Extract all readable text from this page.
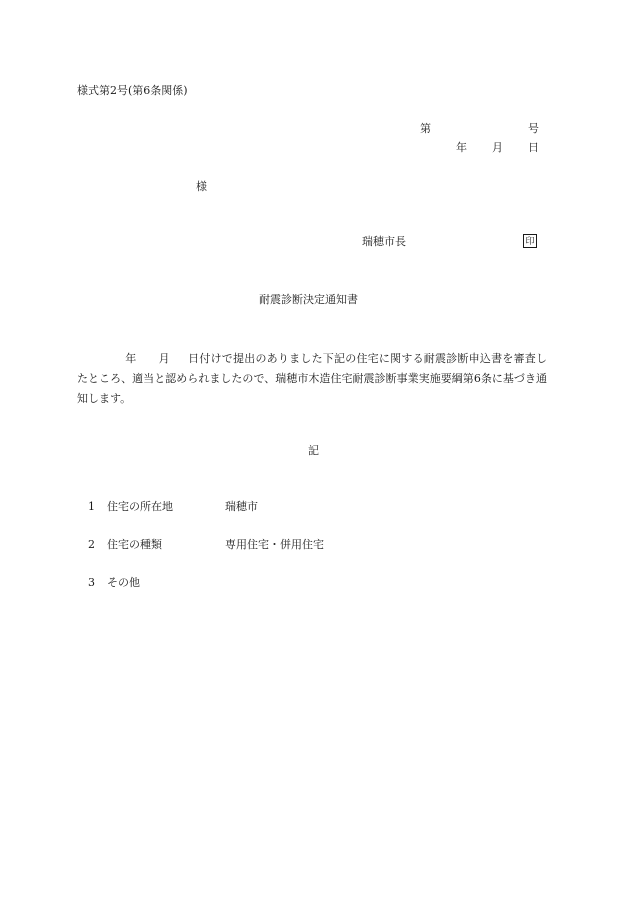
様式第2号(第6条関係)
第	号
年 月 日
様
瑞穂市長	印
耐震診断決定通知書
年 月 日付けで提出のありました下記の住宅に関する耐震診断申込書を審査したところ、適当と認められましたので、瑞穂市木造住宅耐震診断事業実施要綱第6条に基づき通知します。
記
1 住宅の所在地	瑞穂市
2 住宅の種類	専用住宅・併用住宅
3 その他
